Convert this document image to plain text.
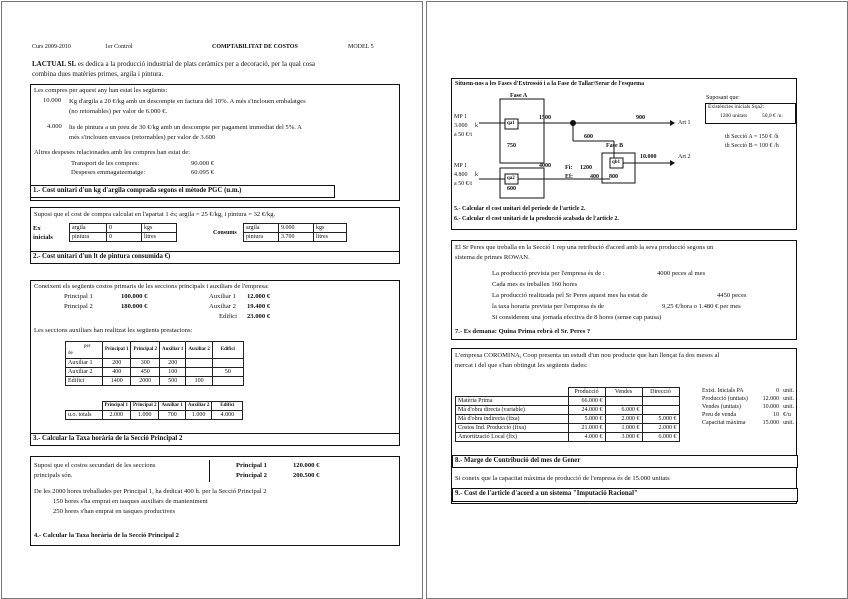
Curs 2009-2010	1er Control	COMPTABILITAT DE COSTOS	MODEL 5
LACTUAL SL es dedica a la producció industrial de plats ceràmics per a decoració, per la qual cosa
combina dues matèries primes, argila i pintura.
Les compres per aquest any han estat les següents:
10.000 Kg d'argila a 20 €/kg amb un descompte en factura del 10%. A més s'inclouen embalatges
(no retornables) per valor de 6.000 €.
4.000 lts de pintura a un preu de 30 €/kg amb un descompte per pagament immediat del 5%. A
més s'inclouen envasos (retornables) per valor de 3.600
Altres despeses relacionades amb les compres han estat de:
Transport de les compres:	90.000 €
Despeses emmagatzematge:	60.095 €
1.- Cost unitari d'un kg d'argila comprada segons el mètode PGC (u.m.)
Suposi que el cost de compra calculat en l'apartat 1 és; argila = 25 €/kg, i pintura = 32 €/kg.
Ex
inicials
argila	0	kgs
pintura	0	litres
Consums
argila	9.000	kgs
pintura	3.700	litres
2.- Cost unitari d'un lt de pintura consumida €)
Coneixent els següents costos primaris de les seccions principals i auxiliars de l'empresa:
Principal 1	100.000 €	Auxiliar 1 12.000 €
Principal 2	180.000 €	Auxiliar 2 19.400 €
Edifici 23.000 €
Les seccions auxiliars han realitzat les següents prestacions:
per
de	Principal 1	Principal 2	Auxiliar 1	Auxiliar 2	Edifici
Auxiliar 1	200	300	200		
Auxiliar 2	400	450	100		50
Edifici	1400	2000	500	100	
	Principal 1	Principal 2	Auxiliar 1	Auxiliar 2	Edifici
u.o. totals	2.000	1.000	700	1.000	4.000
3.- Calcular la Taxa horària de la Secció Principal 2
Suposi que el costos secundari de les seccions
principals són.
Principal 1	120.000 €
Principal 2	200.500 €
De les 2000 hores treballades per Principal 1, ha dedicat 400 h. per la Secció Principal 2
150 hores s'ha emprat en tasques auxiliars de manteniment
250 hores s'han emprat en tasques productives
4.- Calcular la Taxa horària de la Secció Principal 2
Situem-nos a les Fases d'Extrossió i a la Fase de Tallar/Serar de l'esquema
Fase A
Fase B
MP 1
3.000 k
a 50 €/t
MP 1
4.800 k
a 50 €/t
qa1
qa2
qb1
1500	900
Art 1
750
600
4000 Fi:
Ef:
1200
400 800
600
10.000	Art 2
Suposant que:
Existències inicials Sqa2:
1200 unitats	50,0 € /u.
th Secció A = 150 € /h
th Secció B = 100 € /h
5.- Calcular el cost unitari del període de l'article 2.
6.- Calcular el cost unitari de la producció acabada de l'article 2.
El Sr Peres que treballa en la Secció 1 rep una retribució d'acord amb la seva producció segons un
sistema de primes ROWAN.
La producció prevista per l'empresa és de :	4000 peces al mes
Cada mes es treballen 160 hores
La producció realitzada pel Sr Peres aquest mes ha estat de	4450 peces
la taxa horaria prevista per l'empresa és de	9,25 €/hora o 1.480 € per mes
Si considerem una jornada efectiva de 8 hores (sense cap pausa)
7.- Es demana: Quina Prima rebrà el Sr. Peres ?
L'empresa COROMINA, Coop presenta un estudi d'un nou producte que han llençat fa dos mesos al
mercat i del que s'han obtingut les següents dades:
	Producció	Vendes	Direcció
Matèria Prima	66.000 €		
Mà d'obra directa (variable)	24.000 €	6.000 €	
Mà d'obra indirecta (fixa)	5.000 €	2.000 €	5.000 €
Costos Ind. Producció (fixa)	21.000 €	1.000 €	2.000 €
Amortització Local (fix)	4.000 €	3.000 €	6.000 €
Exist. Inicials PA	0	unit.
Producció (unitats)	12.000	unit.
Vendes (unitats)	10.000	unit.
Preu de venda	10	€/u
Capacitat màxima	15.000	unit.
8.- Marge de Contribució del mes de Gener
Si coneix que la capacitat màxima de producció de l'empresa és de 15.000 unitats
9.- Cost de l'article d'acord a un sistema "Imputació Racional"
